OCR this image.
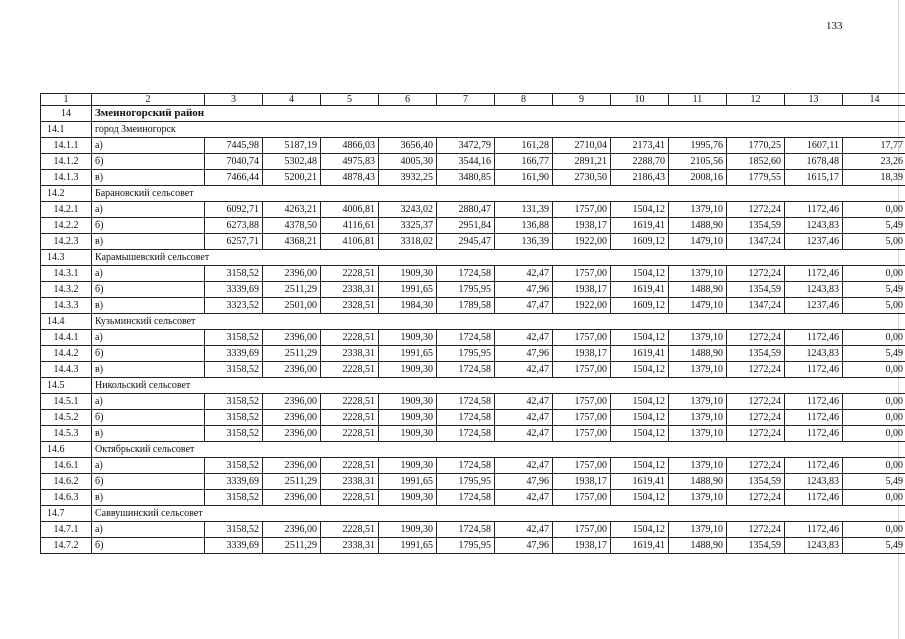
133
1	2	3	4	5	6	7	8	9	10	11	12	13	14
14	Змеиногорский район												
14.1	город Змеиногорск												
14.1.1	а)	7445,98	5187,19	4866,03	3656,40	3472,79	161,28	2710,04	2173,41	1995,76	1770,25	1607,11	17,77
14.1.2	б)	7040,74	5302,48	4975,83	4005,30	3544,16	166,77	2891,21	2288,70	2105,56	1852,60	1678,48	23,26
14.1.3	в)	7466,44	5200,21	4878,43	3932,25	3480,85	161,90	2730,50	2186,43	2008,16	1779,55	1615,17	18,39
14.2	Барановский сельсовет												
14.2.1	а)	6092,71	4263,21	4006,81	3243,02	2880,47	131,39	1757,00	1504,12	1379,10	1272,24	1172,46	0,00
14.2.2	б)	6273,88	4378,50	4116,61	3325,37	2951,84	136,88	1938,17	1619,41	1488,90	1354,59	1243,83	5,49
14.2.3	в)	6257,71	4368,21	4106,81	3318,02	2945,47	136,39	1922,00	1609,12	1479,10	1347,24	1237,46	5,00
14.3	Карамышевский сельсовет												
14.3.1	а)	3158,52	2396,00	2228,51	1909,30	1724,58	42,47	1757,00	1504,12	1379,10	1272,24	1172,46	0,00
14.3.2	б)	3339,69	2511,29	2338,31	1991,65	1795,95	47,96	1938,17	1619,41	1488,90	1354,59	1243,83	5,49
14.3.3	в)	3323,52	2501,00	2328,51	1984,30	1789,58	47,47	1922,00	1609,12	1479,10	1347,24	1237,46	5,00
14.4	Кузьминский сельсовет												
14.4.1	а)	3158,52	2396,00	2228,51	1909,30	1724,58	42,47	1757,00	1504,12	1379,10	1272,24	1172,46	0,00
14.4.2	б)	3339,69	2511,29	2338,31	1991,65	1795,95	47,96	1938,17	1619,41	1488,90	1354,59	1243,83	5,49
14.4.3	в)	3158,52	2396,00	2228,51	1909,30	1724,58	42,47	1757,00	1504,12	1379,10	1272,24	1172,46	0,00
14.5	Никольский сельсовет												
14.5.1	а)	3158,52	2396,00	2228,51	1909,30	1724,58	42,47	1757,00	1504,12	1379,10	1272,24	1172,46	0,00
14.5.2	б)	3158,52	2396,00	2228,51	1909,30	1724,58	42,47	1757,00	1504,12	1379,10	1272,24	1172,46	0,00
14.5.3	в)	3158,52	2396,00	2228,51	1909,30	1724,58	42,47	1757,00	1504,12	1379,10	1272,24	1172,46	0,00
14.6	Октябрьский сельсовет												
14.6.1	а)	3158,52	2396,00	2228,51	1909,30	1724,58	42,47	1757,00	1504,12	1379,10	1272,24	1172,46	0,00
14.6.2	б)	3339,69	2511,29	2338,31	1991,65	1795,95	47,96	1938,17	1619,41	1488,90	1354,59	1243,83	5,49
14.6.3	в)	3158,52	2396,00	2228,51	1909,30	1724,58	42,47	1757,00	1504,12	1379,10	1272,24	1172,46	0,00
14.7	Саввушинский сельсовет												
14.7.1	а)	3158,52	2396,00	2228,51	1909,30	1724,58	42,47	1757,00	1504,12	1379,10	1272,24	1172,46	0,00
14.7.2	б)	3339,69	2511,29	2338,31	1991,65	1795,95	47,96	1938,17	1619,41	1488,90	1354,59	1243,83	5,49
